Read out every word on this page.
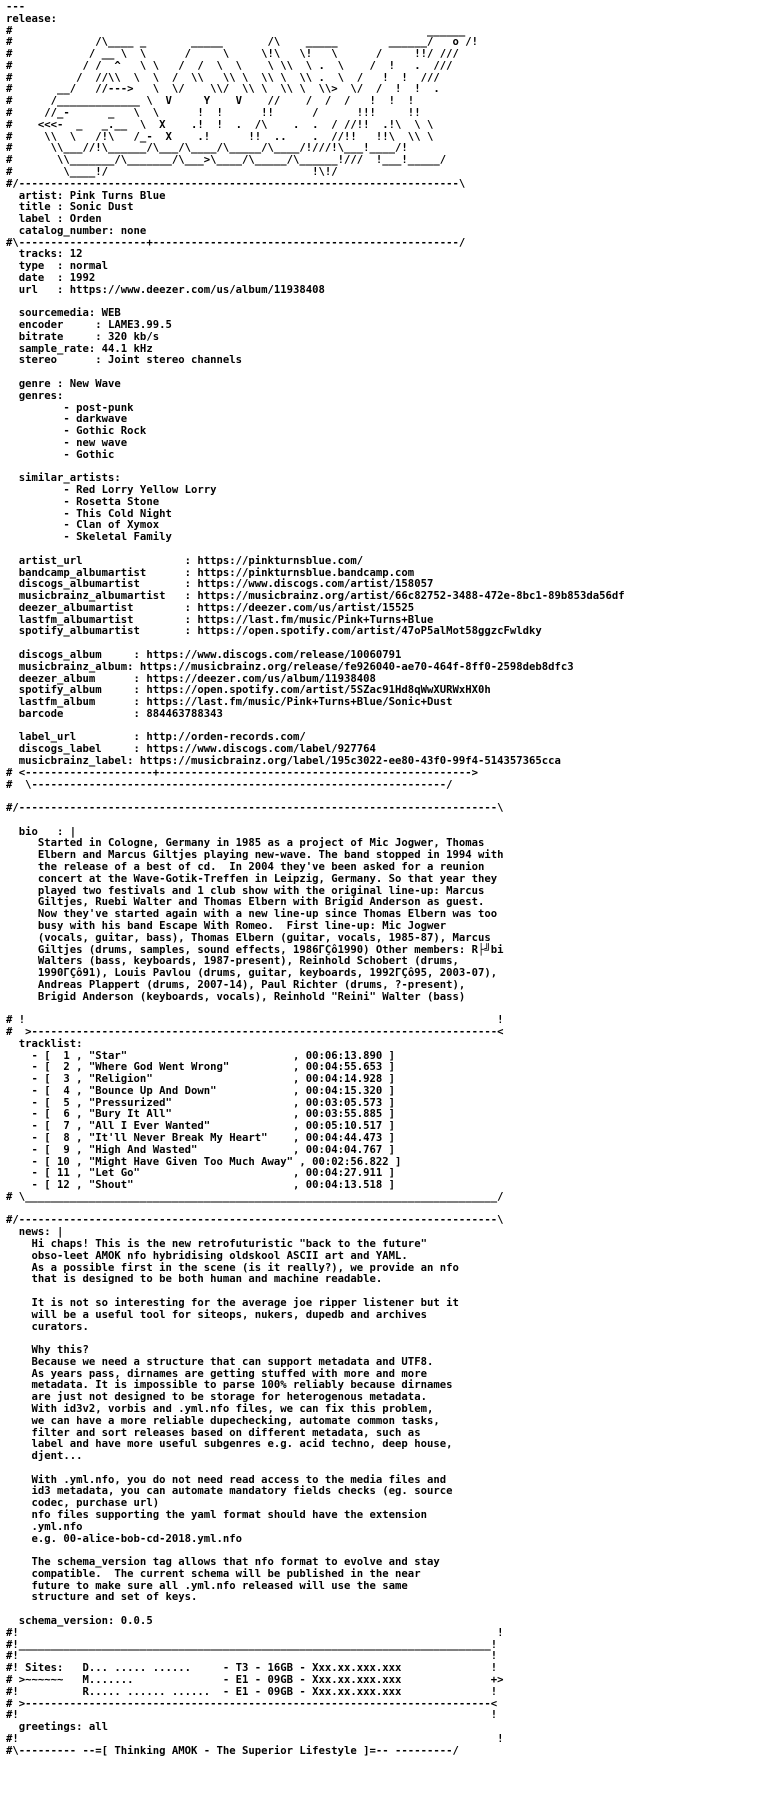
---
release:
#                                                                 ______
#             /\____ _       _____       /\    _____        ______/   o /!
#            / __ \  \      /     \     \!\   \!   \      /     !!/ ///
#           / /  ^   \ \   /  /  \  \    \ \\  \ .  \    /  !   .  ///
#          /  //\\  \  \  /  \\   \\ \  \\ \  \\ .  \  /   !  !  ///
#       __/   //--->   \  \/    \\/  \\ \  \\ \  \\>  \/  /  !  !  .
#      /_____________ \  V     Y    V    //    /  /  /   !  !  !
#     //_-      _   \  \      !  !      !!      /      !!!     !!
#    <<<-  _   _.__  \  X    .!  !  .  /\    .  .  / //!!  .!\  \ \
#     \\  \   /!\   /_-  X    .!      !!  ..    .  //!!   !!\  \\ \
#      \\___//!\______/\___/\____/\_____/\____/!///!\___!____/!
#       \\_______/\_______/\___>\____/\_____/\______!///  !___!_____/
#        \____!/                                !\!/
#/---------------------------------------------------------------------\
artist: Pink Turns Blue
title : Sonic Dust
label : Orden
catalog_number: none
#\--------------------+------------------------------------------------/
tracks: 12
type  : normal
date  : 1992
url   : https://www.deezer.com/us/album/11938408

sourcemedia: WEB
encoder     : LAME3.99.5
bitrate     : 320 kb/s
sample_rate: 44.1 kHz
stereo      : Joint stereo channels

genre : New Wave
genres:
- post-punk
- darkwave
- Gothic Rock
- new wave
- Gothic

similar_artists:
- Red Lorry Yellow Lorry
- Rosetta Stone
- This Cold Night
- Clan of Xymox
- Skeletal Family

artist_url                : https://pinkturnsblue.com/
bandcamp_albumartist      : https://pinkturnsblue.bandcamp.com
discogs_albumartist       : https://www.discogs.com/artist/158057
musicbrainz_albumartist   : https://musicbrainz.org/artist/66c82752-3488-472e-8bc1-89b853da56df
deezer_albumartist        : https://deezer.com/us/artist/15525
lastfm_albumartist        : https://last.fm/music/Pink+Turns+Blue
spotify_albumartist       : https://open.spotify.com/artist/47oP5alMot58ggzcFwldky

discogs_album     : https://www.discogs.com/release/10060791
musicbrainz_album: https://musicbrainz.org/release/fe926040-ae70-464f-8ff0-2598deb8dfc3
deezer_album      : https://deezer.com/us/album/11938408
spotify_album     : https://open.spotify.com/artist/5SZac91Hd8qWwXURWxHX0h
lastfm_album      : https://last.fm/music/Pink+Turns+Blue/Sonic+Dust
barcode           : 884463788343

label_url         : http://orden-records.com/
discogs_label     : https://www.discogs.com/label/927764
musicbrainz_label: https://musicbrainz.org/label/195c3022-ee80-43f0-99f4-514357365cca
# <--------------------+------------------------------------------------->
#  \-----------------------------------------------------------------/

#/---------------------------------------------------------------------------\

bio   : |
Started in Cologne, Germany in 1985 as a project of Mic Jogwer, Thomas
Elbern and Marcus Giltjes playing new-wave. The band stopped in 1994 with
the release of a best of cd.  In 2004 they've been asked for a reunion
concert at the Wave-Gotik-Treffen in Leipzig, Germany. So that year they
played two festivals and 1 club show with the original line-up: Marcus
Giltjes, Ruebi Walter and Thomas Elbern with Brigid Anderson as guest.
Now they've started again with a new line-up since Thomas Elbern was too
busy with his band Escape With Romeo.  First line-up: Mic Jogwer
(vocals, guitar, bass), Thomas Elbern (guitar, vocals, 1985-87), Marcus
Giltjes (drums, samples, sound effects, 1986ΓÇô1990) Other members: R├╝bi
Walters (bass, keyboards, 1987-present), Reinhold Schobert (drums,
1990ΓÇô91), Louis Pavlou (drums, guitar, keyboards, 1992ΓÇô95, 2003-07),
Andreas Plappert (drums, 2007-14), Paul Richter (drums, ?-present),
Brigid Anderson (keyboards, vocals), Reinhold "Reini" Walter (bass)

# !                                                                          !
#  >-------------------------------------------------------------------------<
tracklist:
- [  1 , "Star"                          , 00:06:13.890 ]
- [  2 , "Where God Went Wrong"          , 00:04:55.653 ]
- [  3 , "Religion"                      , 00:04:14.928 ]
- [  4 , "Bounce Up And Down"            , 00:04:15.320 ]
- [  5 , "Pressurized"                   , 00:03:05.573 ]
- [  6 , "Bury It All"                   , 00:03:55.885 ]
- [  7 , "All I Ever Wanted"             , 00:05:10.517 ]
- [  8 , "It'll Never Break My Heart"    , 00:04:44.473 ]
- [  9 , "High And Wasted"               , 00:04:04.767 ]
- [ 10 , "Might Have Given Too Much Away" , 00:02:56.822 ]
- [ 11 , "Let Go"                        , 00:04:27.911 ]
- [ 12 , "Shout"                         , 00:04:13.518 ]
# \__________________________________________________________________________/

#/---------------------------------------------------------------------------\
news: |
Hi chaps! This is the new retrofuturistic "back to the future"
obso-leet AMOK nfo hybridising oldskool ASCII art and YAML.
As a possible first in the scene (is it really?), we provide an nfo
that is designed to be both human and machine readable.

It is not so interesting for the average joe ripper listener but it
will be a useful tool for siteops, nukers, dupedb and archives
curators.

Why this?
Because we need a structure that can support metadata and UTF8.
As years pass, dirnames are getting stuffed with more and more
metadata. It is impossible to parse 100% reliably because dirnames
are just not designed to be storage for heterogenous metadata.
With id3v2, vorbis and .yml.nfo files, we can fix this problem,
we can have a more reliable dupechecking, automate common tasks,
filter and sort releases based on different metadata, such as
label and have more useful subgenres e.g. acid techno, deep house,
djent...

With .yml.nfo, you do not need read access to the media files and
id3 metadata, you can automate mandatory fields checks (eg. source
codec, purchase url)
nfo files supporting the yaml format should have the extension
.yml.nfo
e.g. 00-alice-bob-cd-2018.yml.nfo

The schema_version tag allows that nfo format to evolve and stay
compatible.  The current schema will be published in the near
future to make sure all .yml.nfo released will use the same
structure and set of keys.

schema_version: 0.0.5
#!                                                                           !
#!__________________________________________________________________________!
#!                                                                          !
#! Sites:   D... ..... ......     - T3 - 16GB - Xxx.xx.xxx.xxx              !
# >~~~~~~   M.......              - E1 - 09GB - Xxx.xx.xxx.xxx              +>
#!          R..... ...... ......  - E1 - 09GB - Xxx.xx.xxx.xxx              !
# >-------------------------------------------------------------------------<
#!                                                                          !
greetings: all
#!                                                                           !
#\--------- --=[ Thinking AMOK - The Superior Lifestyle ]=-- ---------/
